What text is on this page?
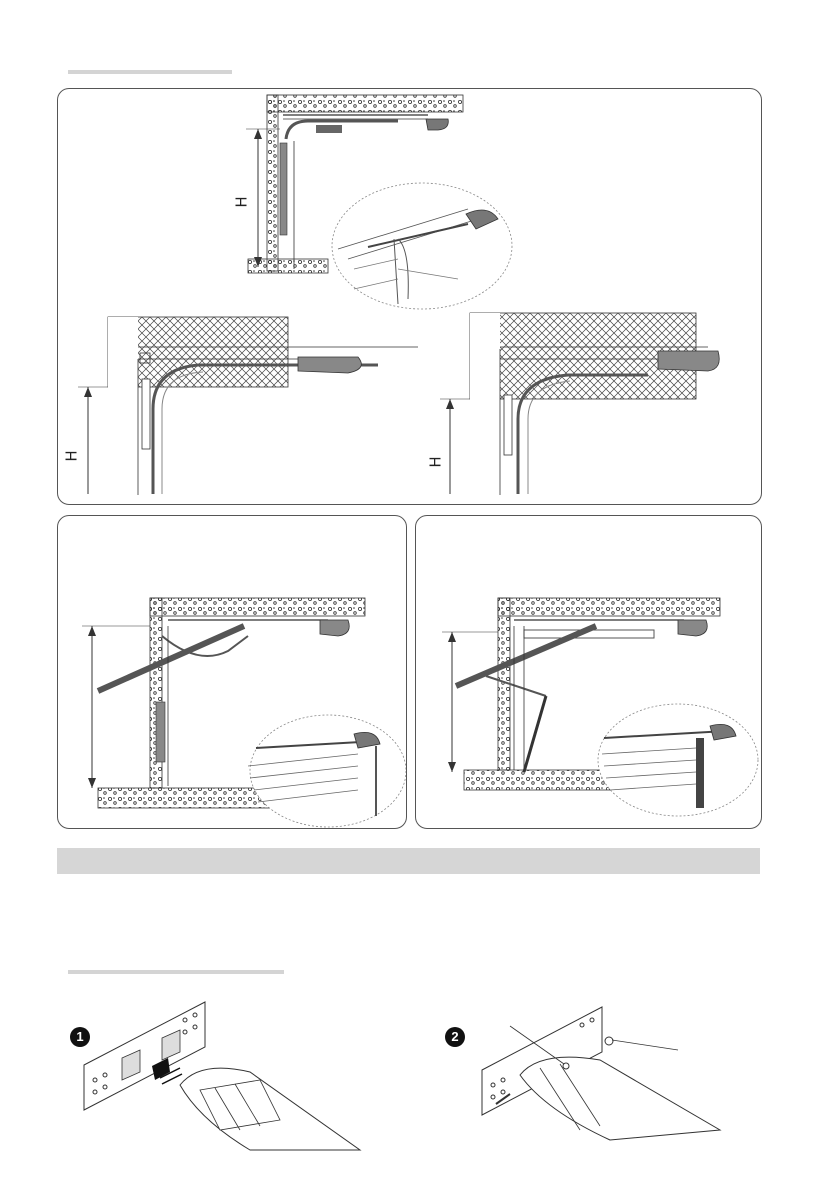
H
H
H
1	2
